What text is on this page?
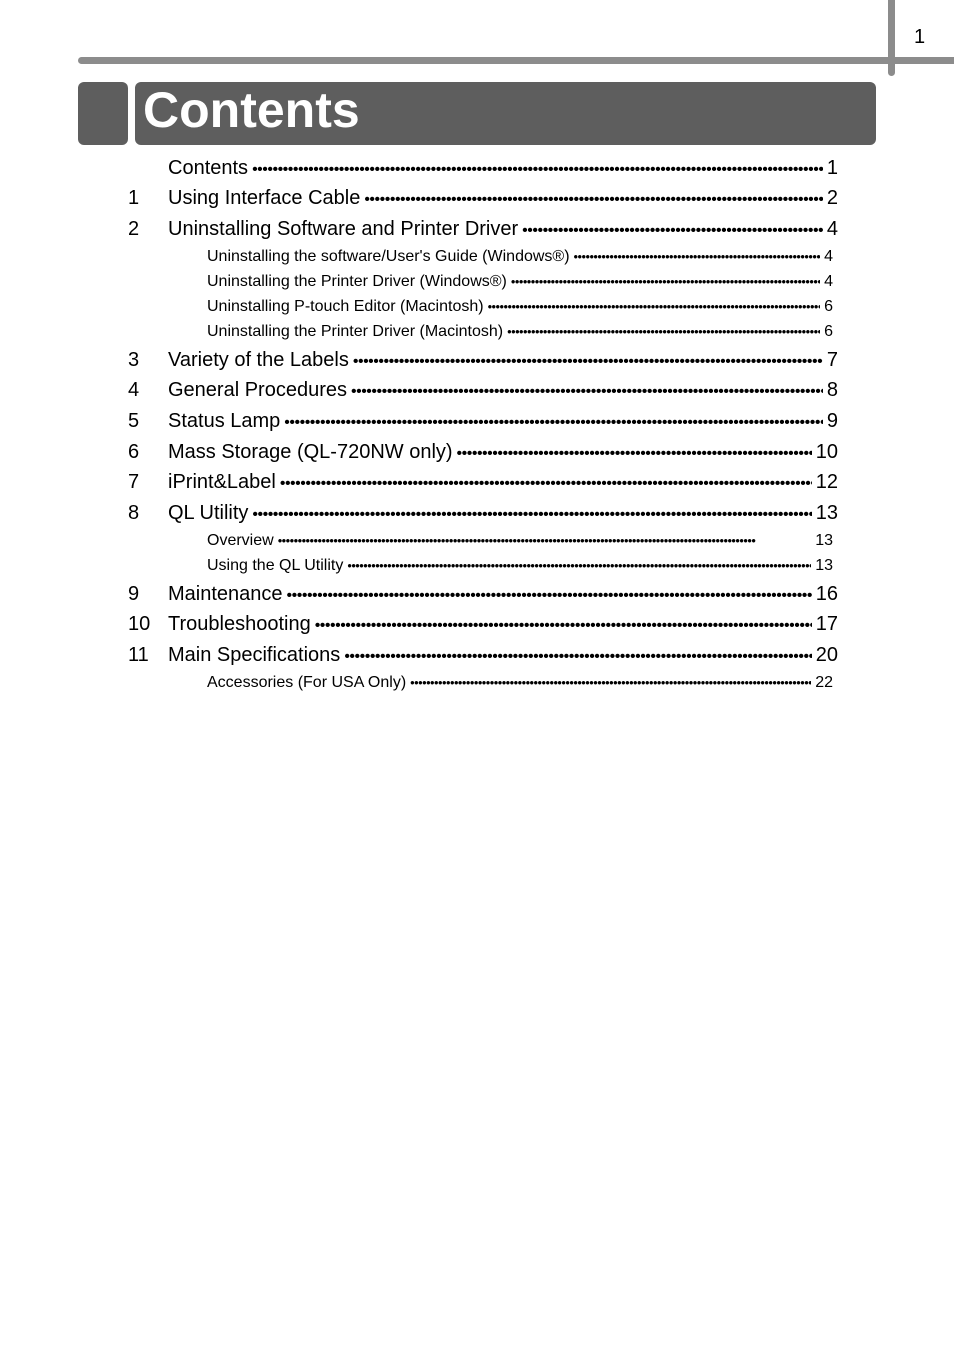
1
Contents
Contents •••••	1
1	Using Interface Cable •••••	2
2	Uninstalling Software and Printer Driver •••••	4
Uninstalling the software/User's Guide (Windows®) •••••	4
Uninstalling the Printer Driver (Windows®) •••••	4
Uninstalling P-touch Editor (Macintosh) •••••	6
Uninstalling the Printer Driver (Macintosh) •••••	6
3	Variety of the Labels •••••	7
4	General Procedures •••••	8
5	Status Lamp •••••	9
6	Mass Storage (QL-720NW only) •••••	10
7	iPrint&Label •••••	12
8	QL Utility •••••	13
Overview •••••	13
Using the QL Utility •••••	13
9	Maintenance •••••	16
10 Troubleshooting •••••	17
11 Main Specifications •••••	20
Accessories (For USA Only) •••••	22
